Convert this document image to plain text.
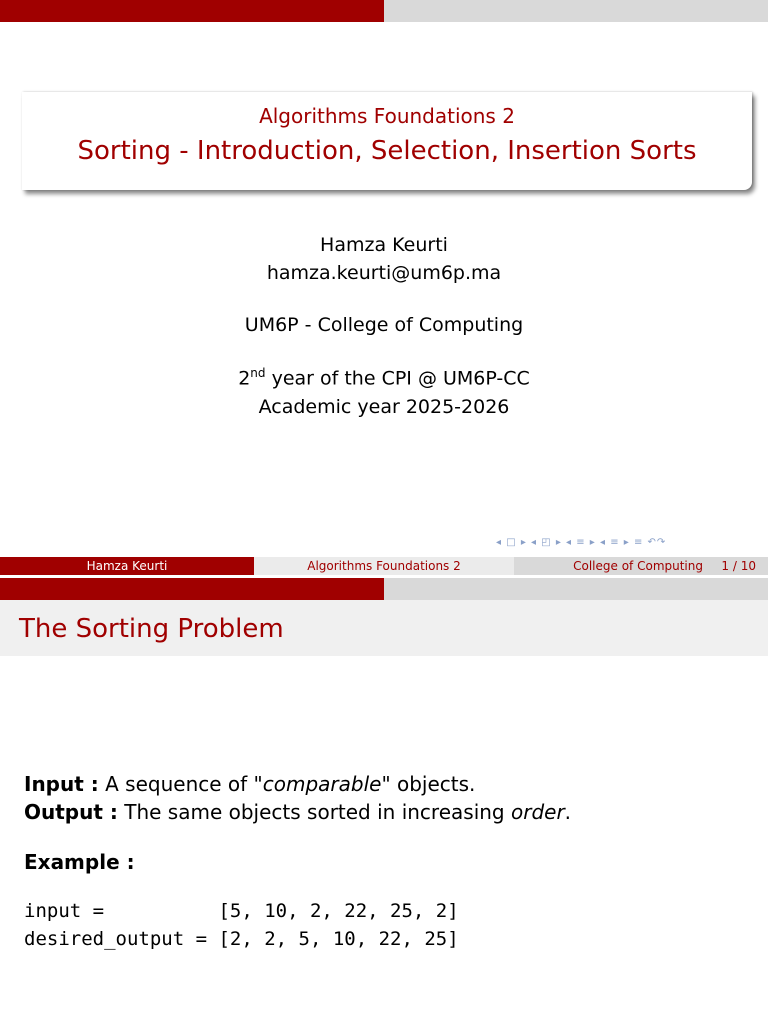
Algorithms Foundations 2
Sorting - Introduction, Selection, Insertion Sorts
Hamza Keurti
hamza.keurti@um6p.ma
UM6P - College of Computing
2nd year of the CPI @ UM6P-CC
Academic year 2025-2026
◂ □ ▸ ◂ ◰ ▸ ◂ ≡ ▸ ◂ ≡ ▸ ≡ ↶↷
Hamza Keurti	Algorithms Foundations 2	College of Computing 1 / 10
The Sorting Problem
Input : A sequence of "comparable" objects.
Output : The same objects sorted in increasing order.
Example :
input =          [5, 10, 2, 22, 25, 2]
desired_output = [2, 2, 5, 10, 22, 25]
